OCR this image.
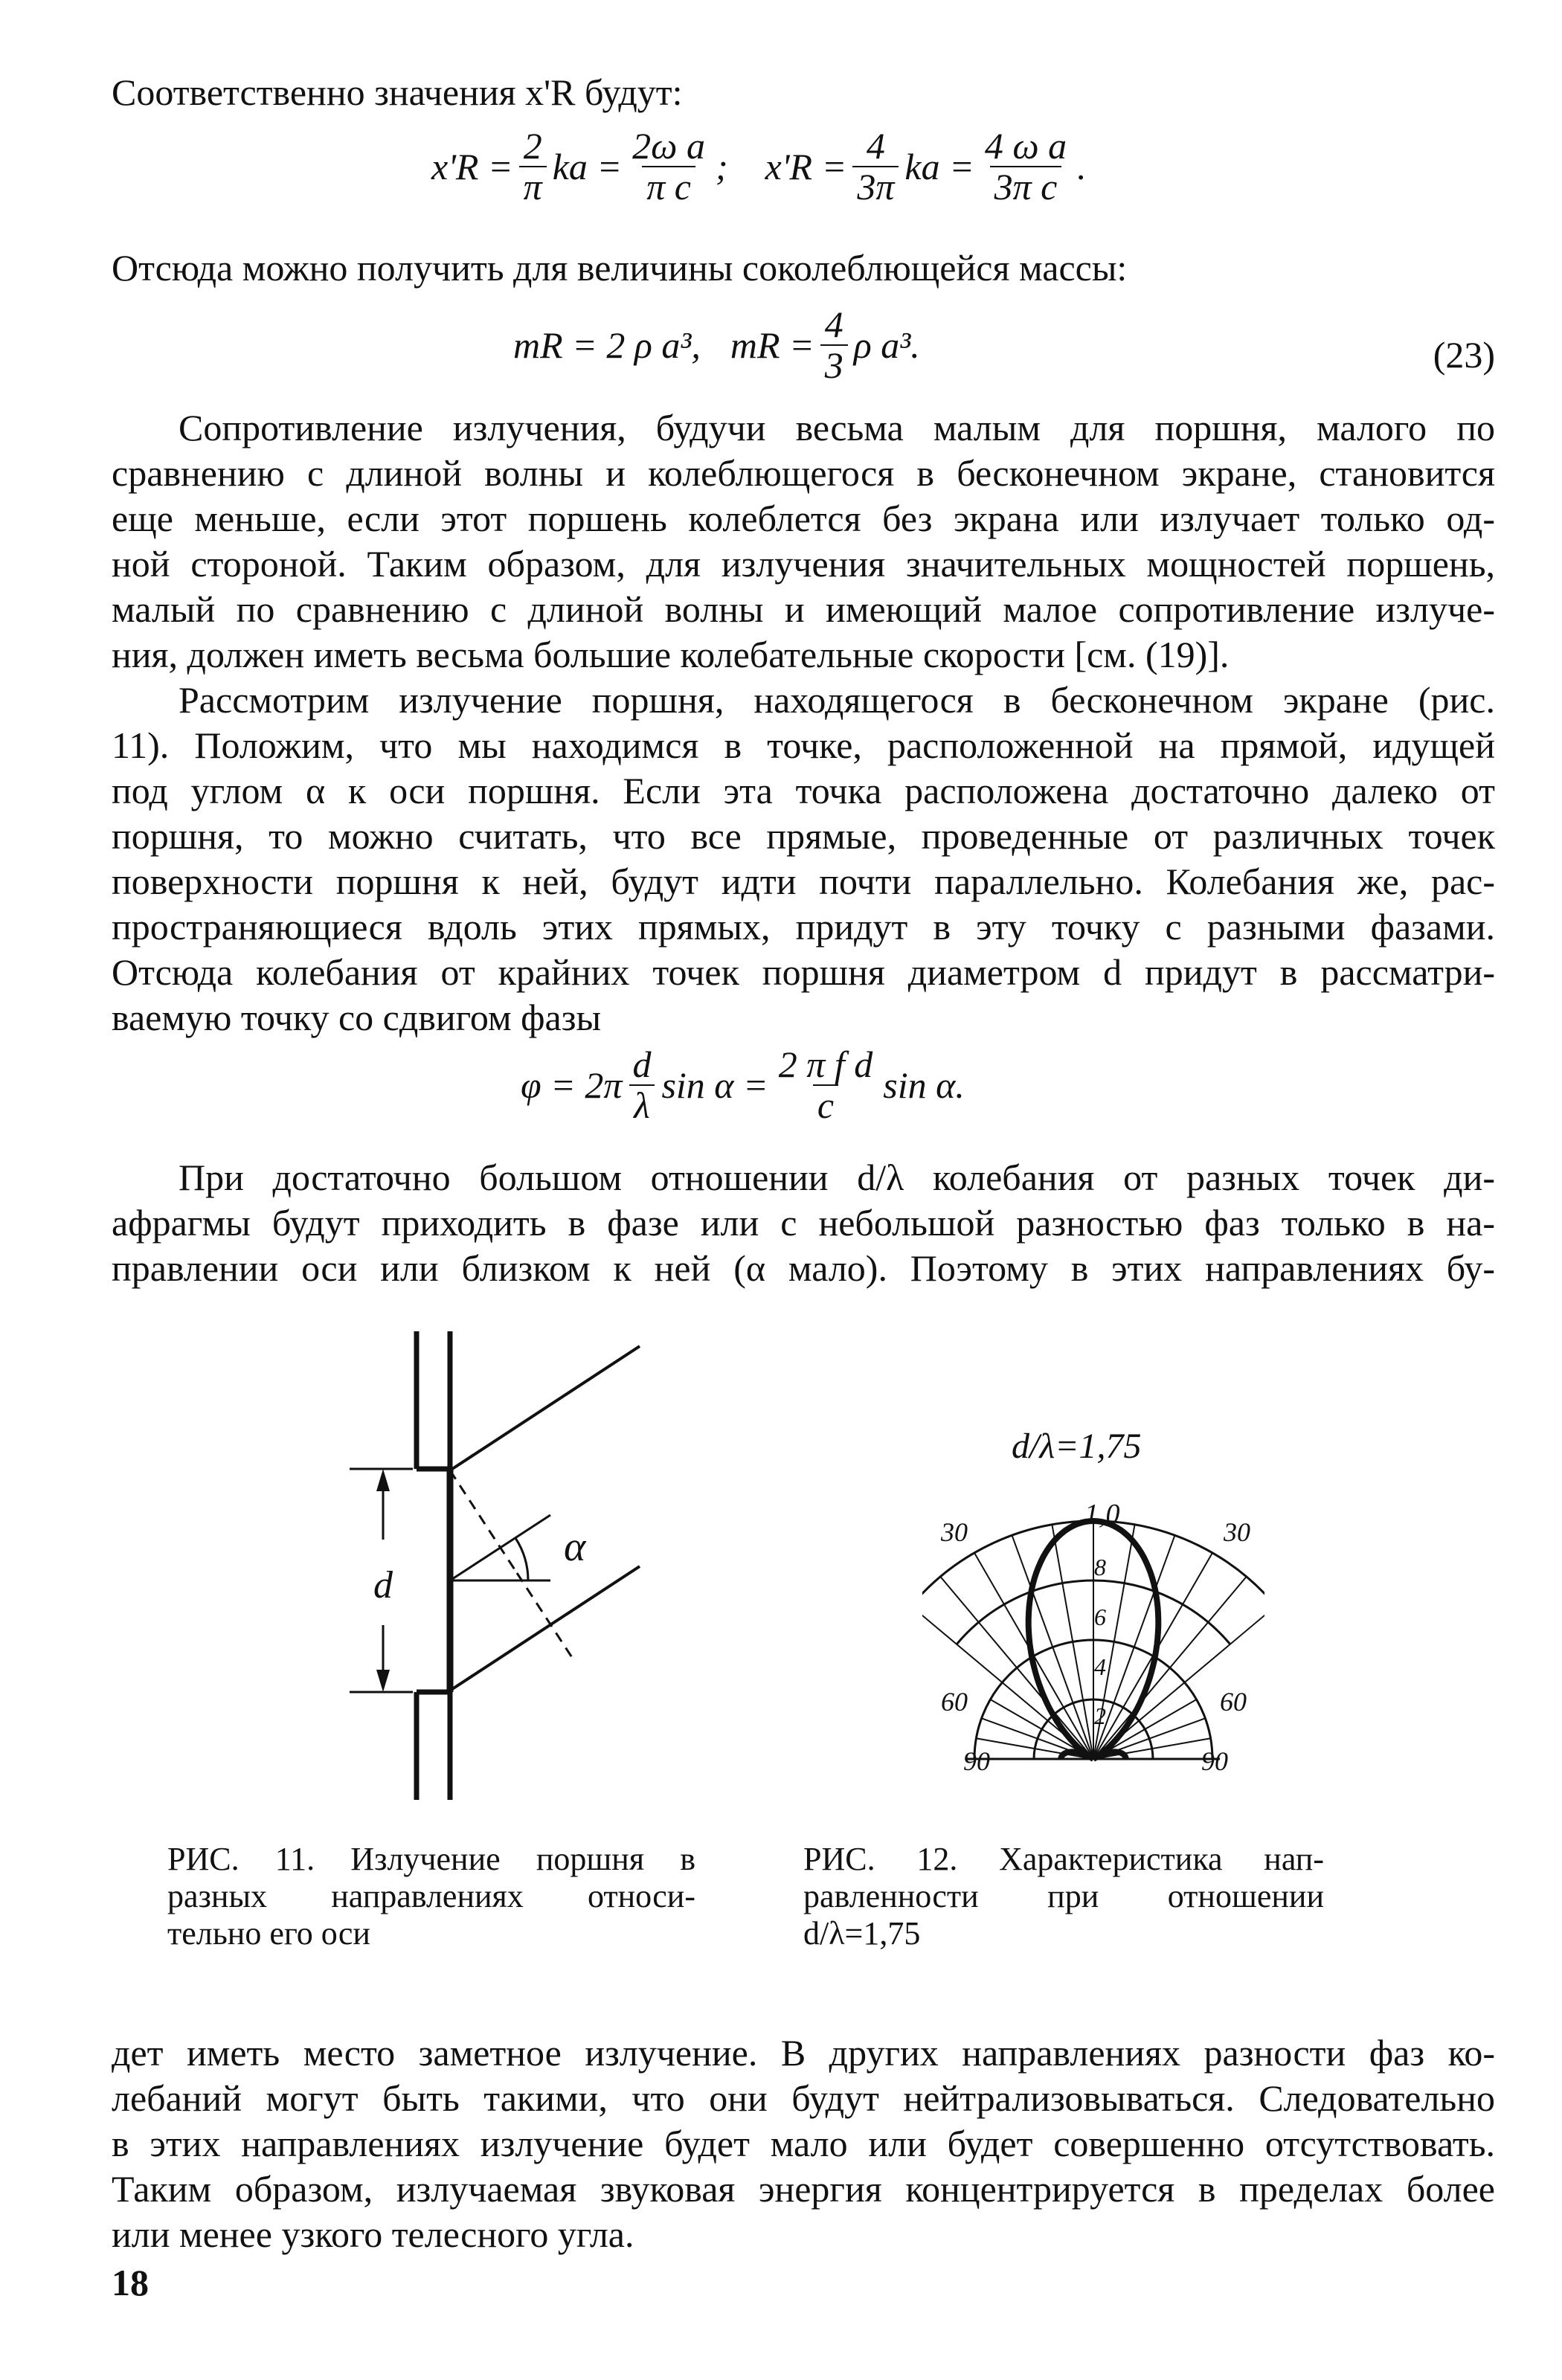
Соответственно значения x'R будут:
$x'R = \frac{2}{\pi}$ ka = $\frac{\text{2ω a}}{\text{π c}}$ ; $x'R = \frac{4}{3\pi}$ ka = $\frac{\text{4 ω a}}{\text{3π c}}$ .
Отсюда можно получить для величины соколеблющейся массы:
mR = 2 ρ a³, mR = $\frac{4}{3}$ ρ a³.	(23)
Сопротивление излучения, будучи весьма малым для поршня, малого по
сравнению с длиной волны и колеблющегося в бесконечном экране, становится
еще меньше, если этот поршень колеблется без экрана или излучает только од-
ной стороной. Таким образом, для излучения значительных мощностей поршень,
малый по сравнению с длиной волны и имеющий малое сопротивление излуче-
ния, должен иметь весьма большие колебательные скорости [см. (19)].
Рассмотрим излучение поршня, находящегося в бесконечном экране (рис.
11). Положим, что мы находимся в точке, расположенной на прямой, идущей
под углом α к оси поршня. Если эта точка расположена достаточно далеко от
поршня, то можно считать, что все прямые, проведенные от различных точек
поверхности поршня к ней, будут идти почти параллельно. Колебания же, рас-
пространяющиеся вдоль этих прямых, придут в эту точку с разными фазами.
Отсюда колебания от крайних точек поршня диаметром d придут в рассматри-
ваемую точку со сдвигом фазы
$\varphi = 2\pi \frac{d}{\lambda}$ $\sin \alpha = \frac{\text{2 π f d}}{c}$ sin α.
При достаточно большом отношении d/λ колебания от разных точек ди-
афрагмы будут приходить в фазе или с небольшой разностью фаз только в на-
правлении оси или близком к ней (α мало). Поэтому в этих направлениях бу-
d
α
РИС. 11. Излучение поршня в
разных направлениях относи-
тельно его оси
d/λ=1,75
1,0
30	30
60	60
90	90
8
6
4
2
РИС. 12. Характеристика нап-
равленности при отношении
d/λ=1,75
дет иметь место заметное излучение. В других направлениях разности фаз ко-
лебаний могут быть такими, что они будут нейтрализовываться. Следовательно
в этих направлениях излучение будет мало или будет совершенно отсутствовать.
Таким образом, излучаемая звуковая энергия концентрируется в пределах более
или менее узкого телесного угла.
18
